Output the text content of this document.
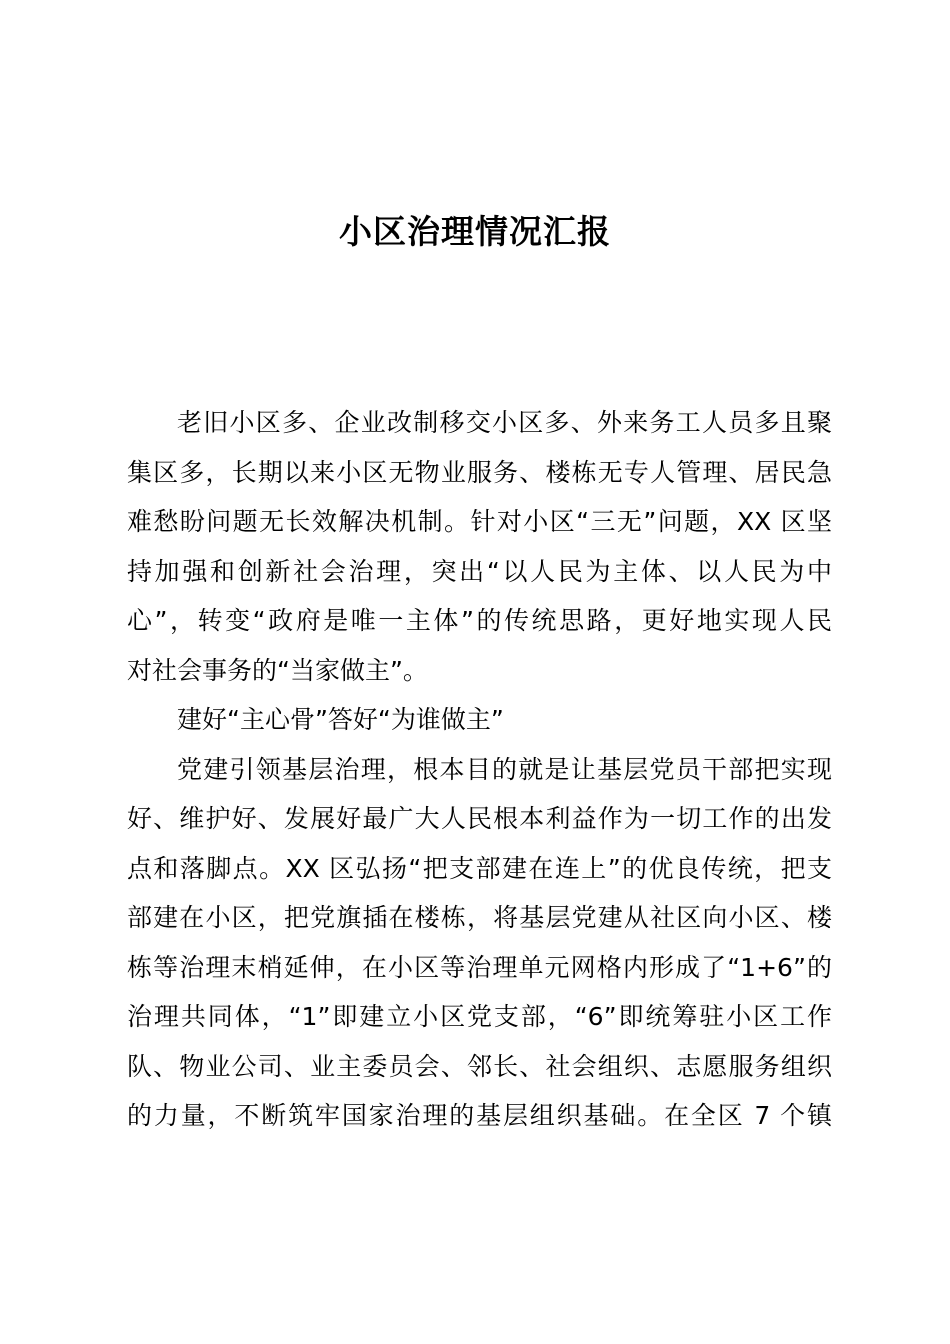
小区治理情况汇报

老旧小区多、企业改制移交小区多、外来务工人员多且聚
集区多，长期以来小区无物业服务、楼栋无专人管理、居民急
难愁盼问题无长效解决机制。针对小区“三无”问题，XX 区坚
持加强和创新社会治理，突出“以人民为主体、以人民为中
心”，转变“政府是唯一主体”的传统思路，更好地实现人民
对社会事务的“当家做主”。

建好“主心骨”答好“为谁做主”

党建引领基层治理，根本目的就是让基层党员干部把实现
好、维护好、发展好最广大人民根本利益作为一切工作的出发
点和落脚点。XX 区弘扬“把支部建在连上”的优良传统，把支
部建在小区，把党旗插在楼栋，将基层党建从社区向小区、楼
栋等治理末梢延伸，在小区等治理单元网格内形成了“1+6”的
治理共同体，“1”即建立小区党支部，“6”即统筹驻小区工作
队、物业公司、业主委员会、邻长、社会组织、志愿服务组织
的力量，不断筑牢国家治理的基层组织基础。在全区 7 个镇
